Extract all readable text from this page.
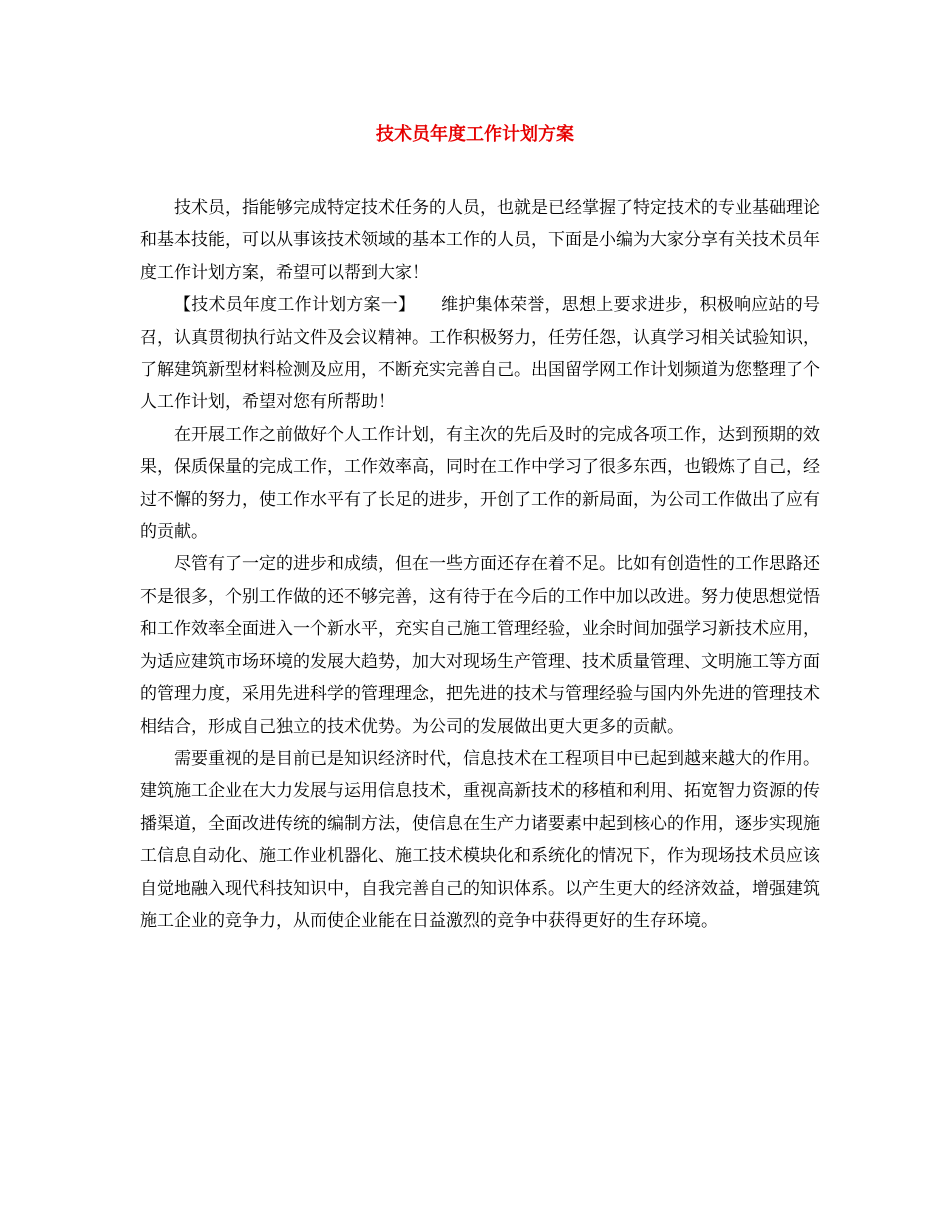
技术员年度工作计划方案

技术员，指能够完成特定技术任务的人员，也就是已经掌握了特定技术的专业基础理论和基本技能，可以从事该技术领域的基本工作的人员，下面是小编为大家分享有关技术员年度工作计划方案，希望可以帮到大家！

【技术员年度工作计划方案一】　　维护集体荣誉，思想上要求进步，积极响应站的号召，认真贯彻执行站文件及会议精神。工作积极努力，任劳任怨，认真学习相关试验知识，了解建筑新型材料检测及应用，不断充实完善自己。出国留学网工作计划频道为您整理了个人工作计划，希望对您有所帮助！

在开展工作之前做好个人工作计划，有主次的先后及时的完成各项工作，达到预期的效果，保质保量的完成工作，工作效率高，同时在工作中学习了很多东西，也锻炼了自己，经过不懈的努力，使工作水平有了长足的进步，开创了工作的新局面，为公司工作做出了应有的贡献。

尽管有了一定的进步和成绩，但在一些方面还存在着不足。比如有创造性的工作思路还不是很多，个别工作做的还不够完善，这有待于在今后的工作中加以改进。努力使思想觉悟和工作效率全面进入一个新水平，充实自己施工管理经验，业余时间加强学习新技术应用，为适应建筑市场环境的发展大趋势，加大对现场生产管理、技术质量管理、文明施工等方面的管理力度，采用先进科学的管理理念，把先进的技术与管理经验与国内外先进的管理技术相结合，形成自己独立的技术优势。为公司的发展做出更大更多的贡献。

需要重视的是目前已是知识经济时代，信息技术在工程项目中已起到越来越大的作用。建筑施工企业在大力发展与运用信息技术，重视高新技术的移植和利用、拓宽智力资源的传播渠道，全面改进传统的编制方法，使信息在生产力诸要素中起到核心的作用，逐步实现施工信息自动化、施工作业机器化、施工技术模块化和系统化的情况下，作为现场技术员应该自觉地融入现代科技知识中，自我完善自己的知识体系。以产生更大的经济效益，增强建筑施工企业的竞争力，从而使企业能在日益激烈的竞争中获得更好的生存环境。
